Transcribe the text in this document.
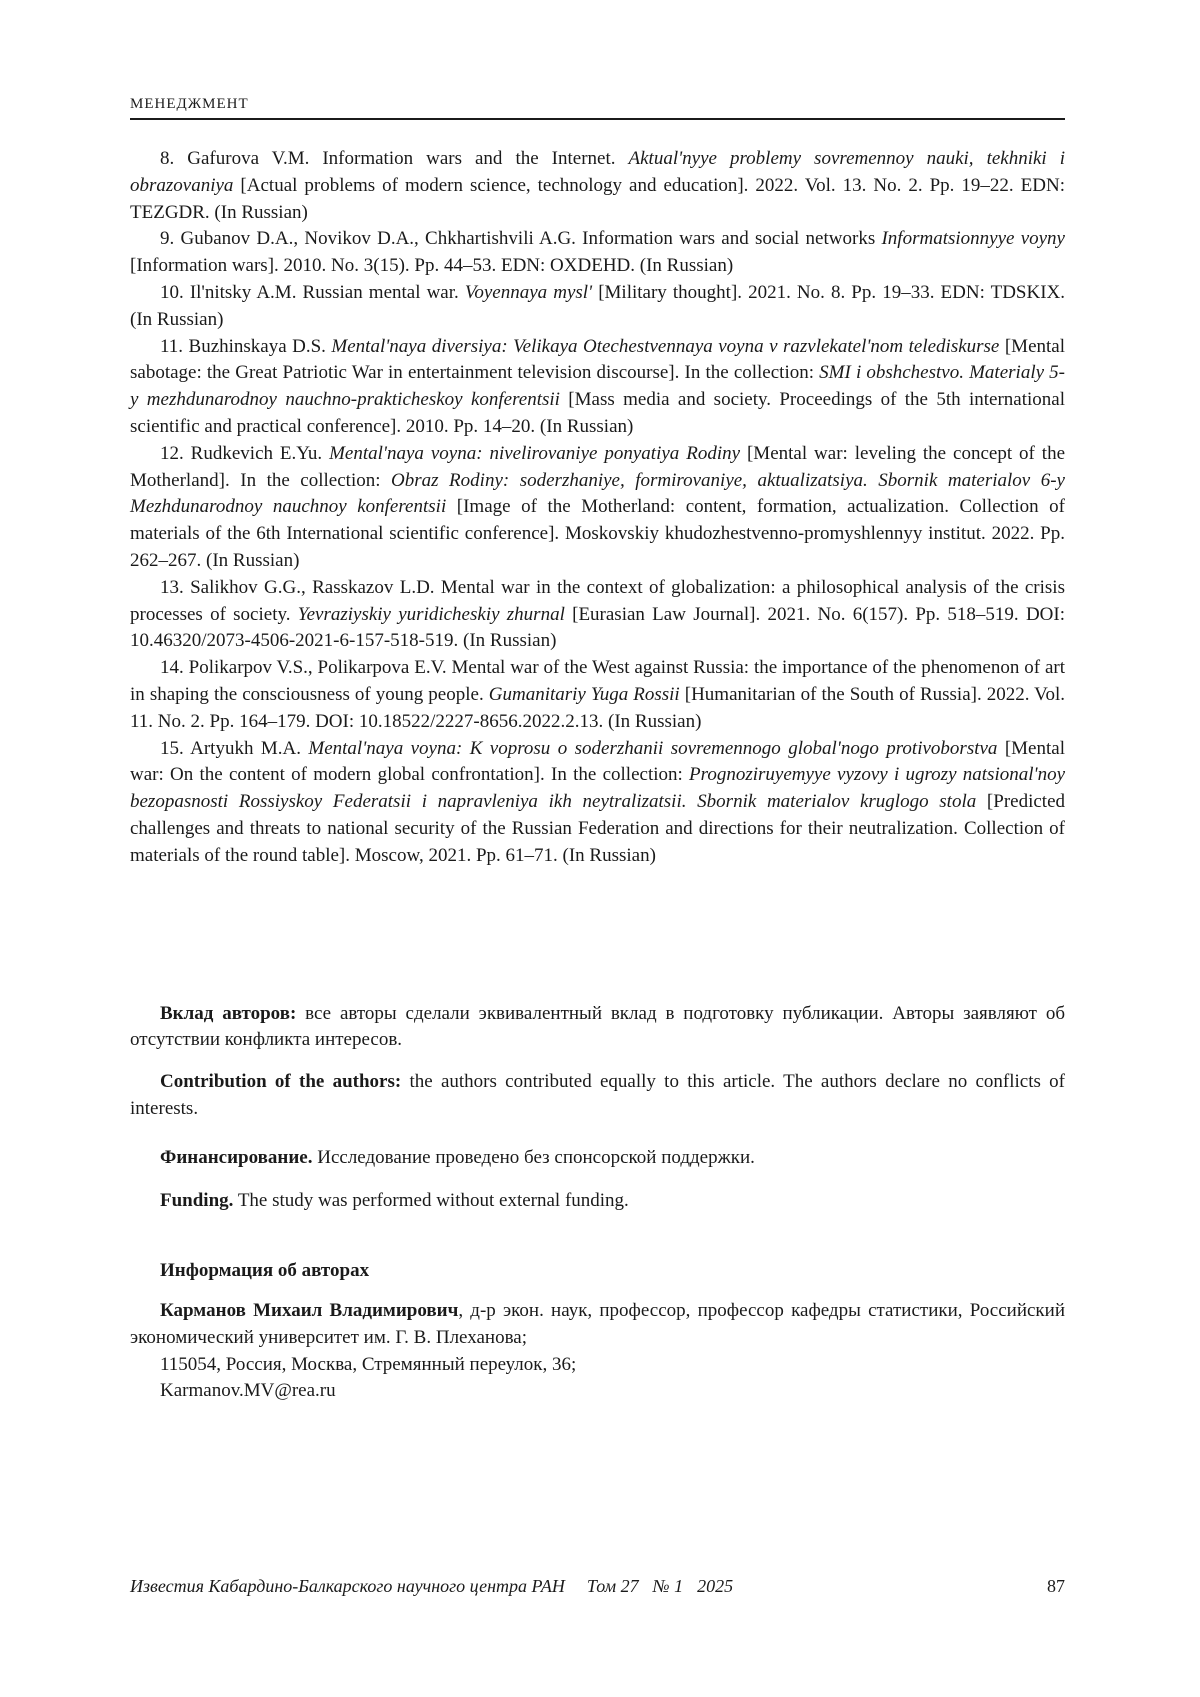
МЕНЕДЖМЕНТ

8. Gafurova V.M. Information wars and the Internet. Aktual'nyye problemy sovremennoy nauki, tekhniki i obrazovaniya [Actual problems of modern science, technology and education]. 2022. Vol. 13. No. 2. Pp. 19–22. EDN: TEZGDR. (In Russian)

9. Gubanov D.A., Novikov D.A., Chkhartishvili A.G. Information wars and social networks Informatsionnyye voyny [Information wars]. 2010. No. 3(15). Pp. 44–53. EDN: OXDEHD. (In Russian)

10. Il'nitsky A.M. Russian mental war. Voyennaya mysl' [Military thought]. 2021. No. 8. Pp. 19–33. EDN: TDSKIX. (In Russian)

11. Buzhinskaya D.S. Mental'naya diversiya: Velikaya Otechestvennaya voyna v razvlekatel'nom telediskurse [Mental sabotage: the Great Patriotic War in entertainment television discourse]. In the collection: SMI i obshchestvo. Materialy 5-y mezhdunarodnoy nauchno-prakticheskoy konferentsii [Mass media and society. Proceedings of the 5th international scientific and practical conference]. 2010. Pp. 14–20. (In Russian)

12. Rudkevich E.Yu. Mental'naya voyna: nivelirovaniye ponyatiya Rodiny [Mental war: leveling the concept of the Motherland]. In the collection: Obraz Rodiny: soderzhaniye, formirovaniye, aktualizatsiya. Sbornik materialov 6-y Mezhdunarodnoy nauchnoy konferentsii [Image of the Motherland: content, formation, actualization. Collection of materials of the 6th International scientific conference]. Moskovskiy khudozhestvenno-promyshlennyy institut. 2022. Pp. 262–267. (In Russian)

13. Salikhov G.G., Rasskazov L.D. Mental war in the context of globalization: a philosophical analysis of the crisis processes of society. Yevraziyskiy yuridicheskiy zhurnal [Eurasian Law Journal]. 2021. No. 6(157). Pp. 518–519. DOI: 10.46320/2073-4506-2021-6-157-518-519. (In Russian)

14. Polikarpov V.S., Polikarpova E.V. Mental war of the West against Russia: the importance of the phenomenon of art in shaping the consciousness of young people. Gumanitariy Yuga Rossii [Humanitarian of the South of Russia]. 2022. Vol. 11. No. 2. Pp. 164–179. DOI: 10.18522/2227-8656.2022.2.13. (In Russian)

15. Artyukh M.A. Mental'naya voyna: K voprosu o soderzhanii sovremennogo global'nogo protivoborstva [Mental war: On the content of modern global confrontation]. In the collection: Prognoziruyemyye vyzovy i ugrozy natsional'noy bezopasnosti Rossiyskoy Federatsii i napravleniya ikh neytralizatsii. Sbornik materialov kruglogo stola [Predicted challenges and threats to national security of the Russian Federation and directions for their neutralization. Collection of materials of the round table]. Moscow, 2021. Pp. 61–71. (In Russian)

Вклад авторов: все авторы сделали эквивалентный вклад в подготовку публикации. Авторы заявляют об отсутствии конфликта интересов.

Contribution of the authors: the authors contributed equally to this article. The authors declare no conflicts of interests.

Финансирование. Исследование проведено без спонсорской поддержки.

Funding. The study was performed without external funding.

Информация об авторах

Карманов Михаил Владимирович, д-р экон. наук, профессор, профессор кафедры статистики, Российский экономический университет им. Г. В. Плеханова;

115054, Россия, Москва, Стремянный переулок, 36;

Karmanov.MV@rea.ru

Известия Кабардино-Балкарского научного центра РАН Том 27 № 1 2025	87
